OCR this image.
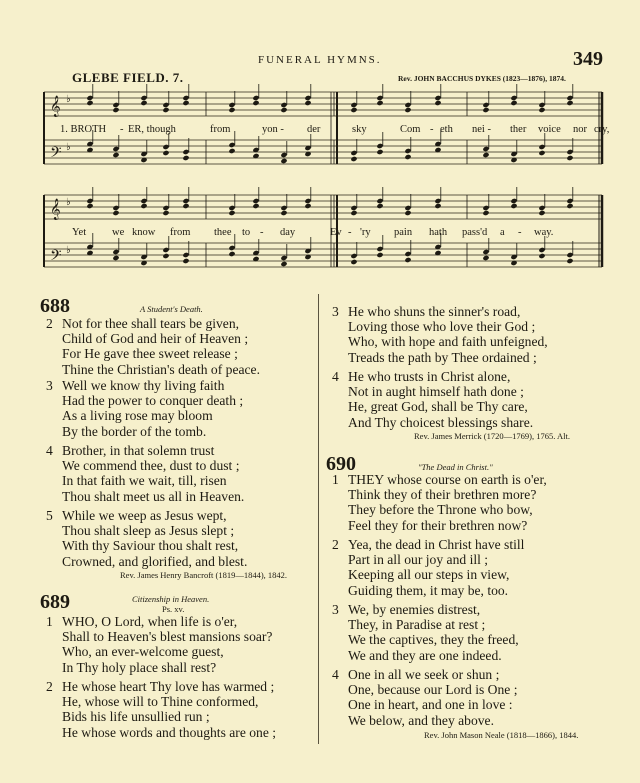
FUNERAL HYMNS.	349
GLEBE FIELD. 7.	Rev. JOHN BACCHUS DYKES (1823—1876), 1874.
𝄞 ♭
𝄢 ♭
1. BROTH - ER, though	from	yon - der	sky	Com - eth nei - ther voice nor cry,
𝄞 ♭
𝄢 ♭
Yet we know from thee to - day	Ev - 'ry pain hath pass'd a - way.
688	A Student's Death.
2 Not for thee shall tears be given,
Child of God and heir of Heaven ;
For He gave thee sweet release ;
Thine the Christian's death of peace.
3 Well we know thy living faith
Had the power to conquer death ;
As a living rose may bloom
By the border of the tomb.
4 Brother, in that solemn trust
We commend thee, dust to dust ;
In that faith we wait, till, risen
Thou shalt meet us all in Heaven.
5 While we weep as Jesus wept,
Thou shalt sleep as Jesus slept ;
With thy Saviour thou shalt rest,
Crowned, and glorified, and blest.
Rev. James Henry Bancroft (1819—1844), 1842.
689	Citizenship in Heaven.
Ps. xv.
1 WHO, O Lord, when life is o'er,
Shall to Heaven's blest mansions soar?
Who, an ever-welcome guest,
In Thy holy place shall rest?
2 He whose heart Thy love has warmed ;
He, whose will to Thine conformed,
Bids his life unsullied run ;
He whose words and thoughts are one ;
3 He who shuns the sinner's road,
Loving those who love their God ;
Who, with hope and faith unfeigned,
Treads the path by Thee ordained ;
4 He who trusts in Christ alone,
Not in aught himself hath done ;
He, great God, shall be Thy care,
And Thy choicest blessings share.
Rev. James Merrick (1720—1769), 1765. Alt.
690	"The Dead in Christ."
1 THEY whose course on earth is o'er,
Think they of their brethren more?
They before the Throne who bow,
Feel they for their brethren now?
2 Yea, the dead in Christ have still
Part in all our joy and ill ;
Keeping all our steps in view,
Guiding them, it may be, too.
3 We, by enemies distrest,
They, in Paradise at rest ;
We the captives, they the freed,
We and they are one indeed.
4 One in all we seek or shun ;
One, because our Lord is One ;
One in heart, and one in love :
We below, and they above.
Rev. John Mason Neale (1818—1866), 1844.
